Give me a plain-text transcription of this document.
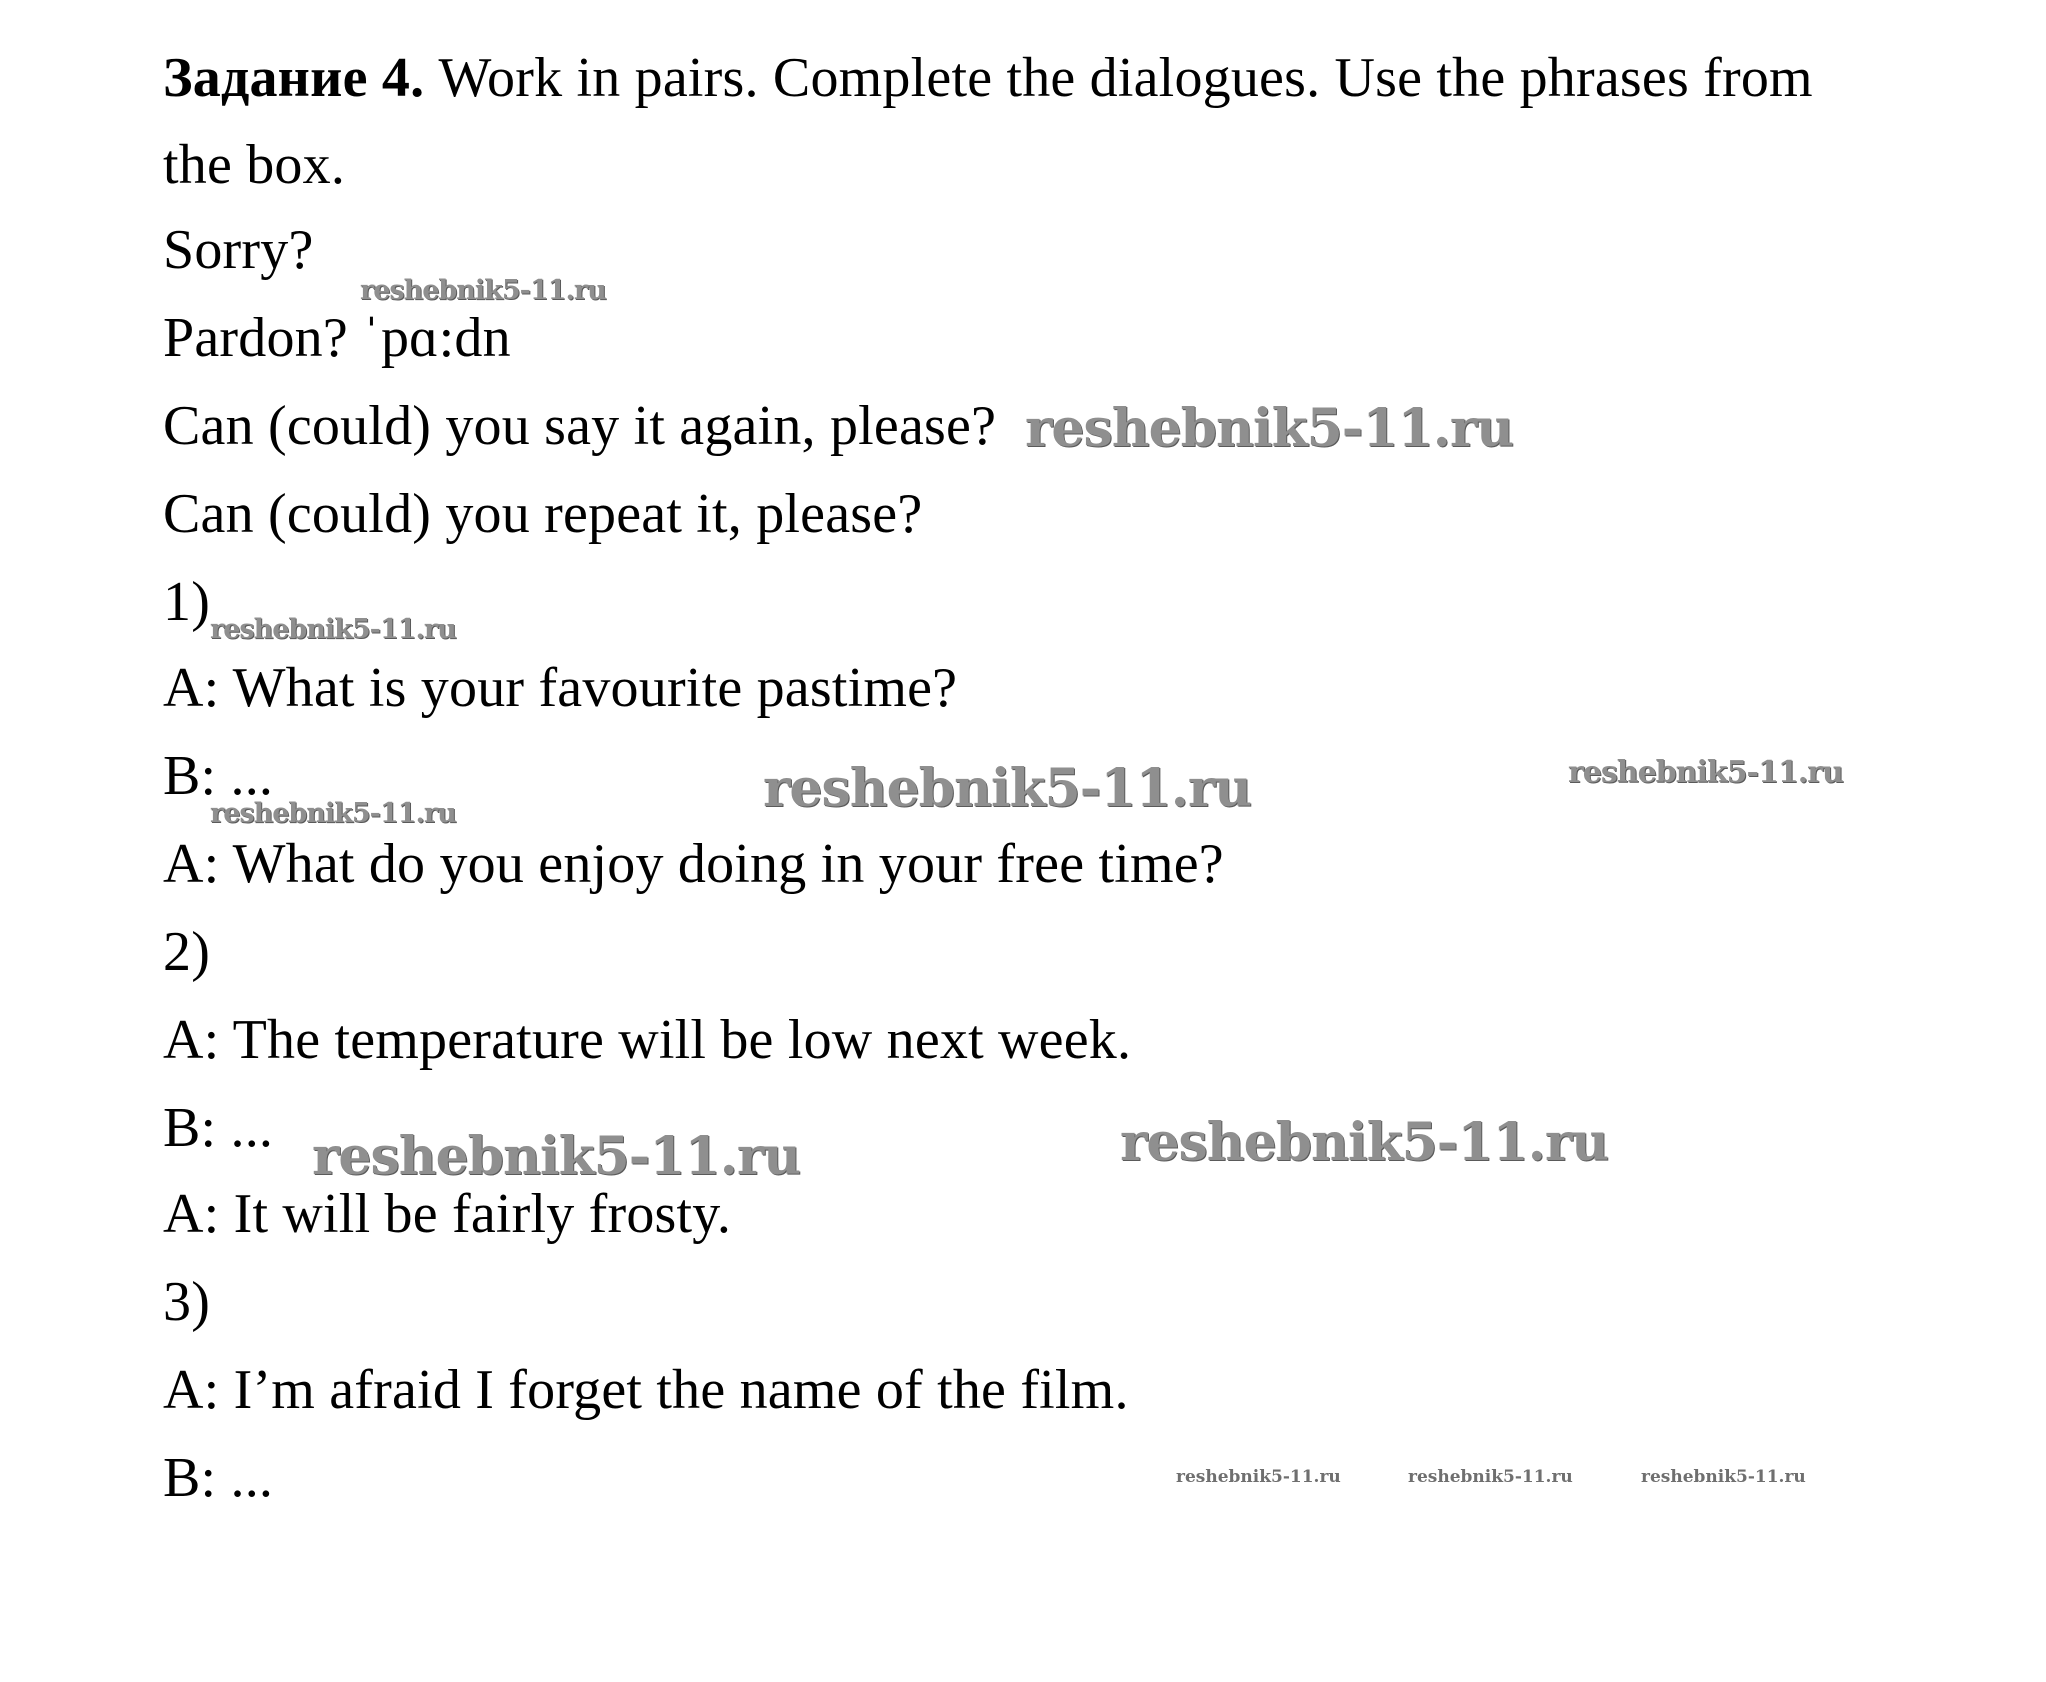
Задание 4. Work in pairs. Complete the dialogues. Use the phrases from
the box.
Sorry?
Pardon? ˈpɑ:dn
Can (could) you say it again, please?
Can (could) you repeat it, please?
1)
A: What is your favourite pastime?
B: ...
A: What do you enjoy doing in your free time?
2)
A: The temperature will be low next week.
B: ...
A: It will be fairly frosty.
3)
A: I’m afraid I forget the name of the film.
B: ...
reshebnik5-11.ru
reshebnik5-11.ru
reshebnik5-11.ru
reshebnik5-11.ru	reshebnik5-11.ru
reshebnik5-11.ru
reshebnik5-11.ru	reshebnik5-11.ru
reshebnik5-11.ru	reshebnik5-11.ru	reshebnik5-11.ru
